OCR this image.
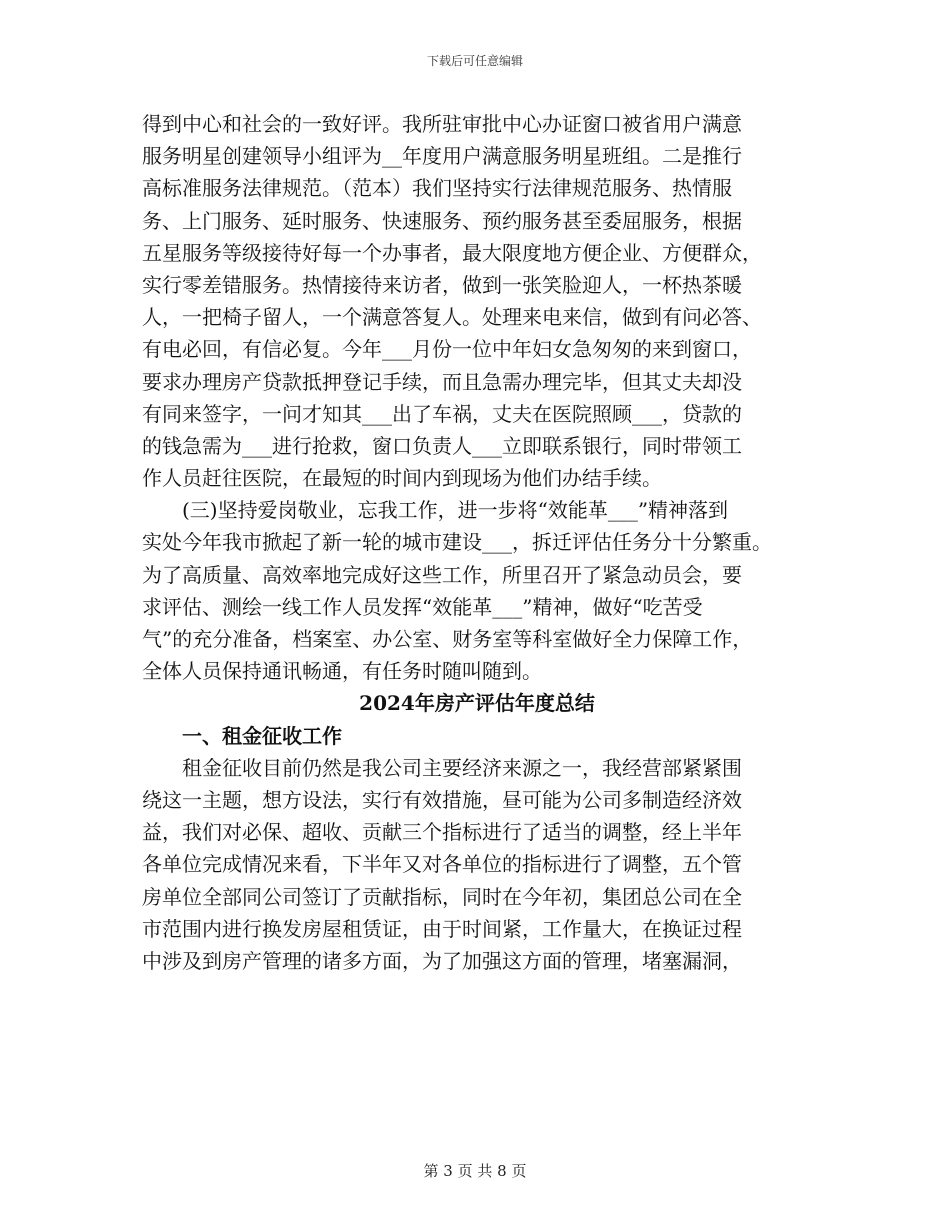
下载后可任意编辑
得到中心和社会的一致好评。我所驻审批中心办证窗口被省用户满意
服务明星创建领导小组评为__年度用户满意服务明星班组。二是推行
高标准服务法律规范。（范本）我们坚持实行法律规范服务、热情服
务、上门服务、延时服务、快速服务、预约服务甚至委屈服务，根据
五星服务等级接待好每一个办事者，最大限度地方便企业、方便群众，
实行零差错服务。热情接待来访者，做到一张笑脸迎人，一杯热茶暖
人，一把椅子留人，一个满意答复人。处理来电来信，做到有问必答、
有电必回，有信必复。今年___月份一位中年妇女急匆匆的来到窗口，
要求办理房产贷款抵押登记手续，而且急需办理完毕，但其丈夫却没
有同来签字，一问才知其___出了车祸，丈夫在医院照顾___，贷款的
的钱急需为___进行抢救，窗口负责人___立即联系银行，同时带领工
作人员赶往医院，在最短的时间内到现场为他们办结手续。
(三)坚持爱岗敬业，忘我工作，进一步将“效能革___”精神落到
实处今年我市掀起了新一轮的城市建设___，拆迁评估任务分十分繁重。
为了高质量、高效率地完成好这些工作，所里召开了紧急动员会，要
求评估、测绘一线工作人员发挥“效能革___”精神，做好“吃苦受
气”的充分准备，档案室、办公室、财务室等科室做好全力保障工作，
全体人员保持通讯畅通，有任务时随叫随到。
2024年房产评估年度总结
一、租金征收工作
租金征收目前仍然是我公司主要经济来源之一，我经营部紧紧围
绕这一主题，想方设法，实行有效措施，昼可能为公司多制造经济效
益，我们对必保、超收、贡献三个指标进行了适当的调整，经上半年
各单位完成情况来看，下半年又对各单位的指标进行了调整，五个管
房单位全部同公司签订了贡献指标，同时在今年初，集团总公司在全
市范围内进行换发房屋租赁证，由于时间紧，工作量大，在换证过程
中涉及到房产管理的诸多方面，为了加强这方面的管理，堵塞漏洞，
第 3 页 共 8 页
